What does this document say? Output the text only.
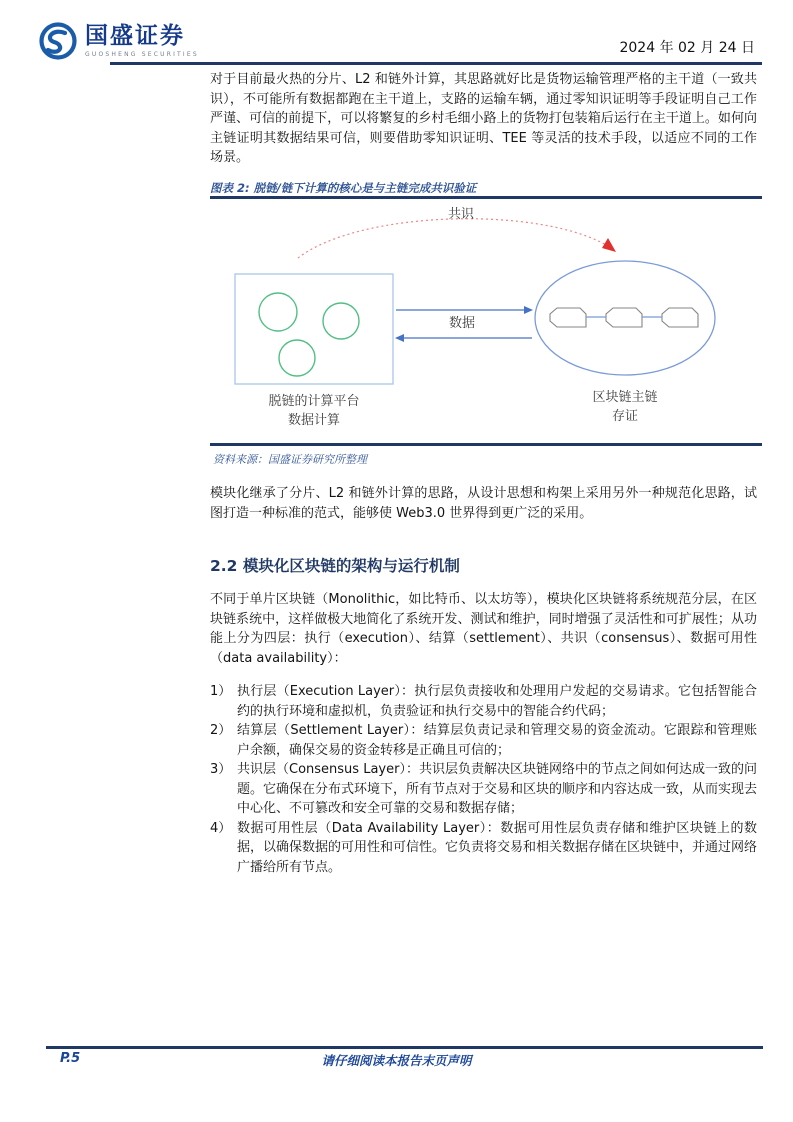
国盛证券
GUOSHENG SECURITIES	2024 年 02 月 24 日
对于目前最火热的分片、L2 和链外计算，其思路就好比是货物运输管理严格的主干道（一致共识），不可能所有数据都跑在主干道上，支路的运输车辆，通过零知识证明等手段证明自己工作严谨、可信的前提下，可以将繁复的乡村毛细小路上的货物打包装箱后运行在主干道上。如何向主链证明其数据结果可信，则要借助零知识证明、TEE 等灵活的技术手段，以适应不同的工作场景。
图表 2: 脱链/链下计算的核心是与主链完成共识验证
共识
数据
脱链的计算平台
数据计算
区块链主链
存证
资料来源：国盛证券研究所整理
模块化继承了分片、L2 和链外计算的思路，从设计思想和构架上采用另外一种规范化思路，试图打造一种标准的范式，能够使 Web3.0 世界得到更广泛的采用。
2.2 模块化区块链的架构与运行机制
不同于单片区块链（Monolithic，如比特币、以太坊等），模块化区块链将系统规范分层，在区块链系统中，这样做极大地简化了系统开发、测试和维护，同时增强了灵活性和可扩展性；从功能上分为四层：执行（execution）、结算（settlement）、共识（consensus）、数据可用性（data availability）：
1） 执行层（Execution Layer）：执行层负责接收和处理用户发起的交易请求。它包括智能合约的执行环境和虚拟机，负责验证和执行交易中的智能合约代码；
2） 结算层（Settlement Layer）：结算层负责记录和管理交易的资金流动。它跟踪和管理账户余额，确保交易的资金转移是正确且可信的；
3） 共识层（Consensus Layer）：共识层负责解决区块链网络中的节点之间如何达成一致的问题。它确保在分布式环境下，所有节点对于交易和区块的顺序和内容达成一致，从而实现去中心化、不可篡改和安全可靠的交易和数据存储；
4） 数据可用性层（Data Availability Layer）：数据可用性层负责存储和维护区块链上的数据，以确保数据的可用性和可信性。它负责将交易和相关数据存储在区块链中，并通过网络广播给所有节点。
P.5	请仔细阅读本报告末页声明
